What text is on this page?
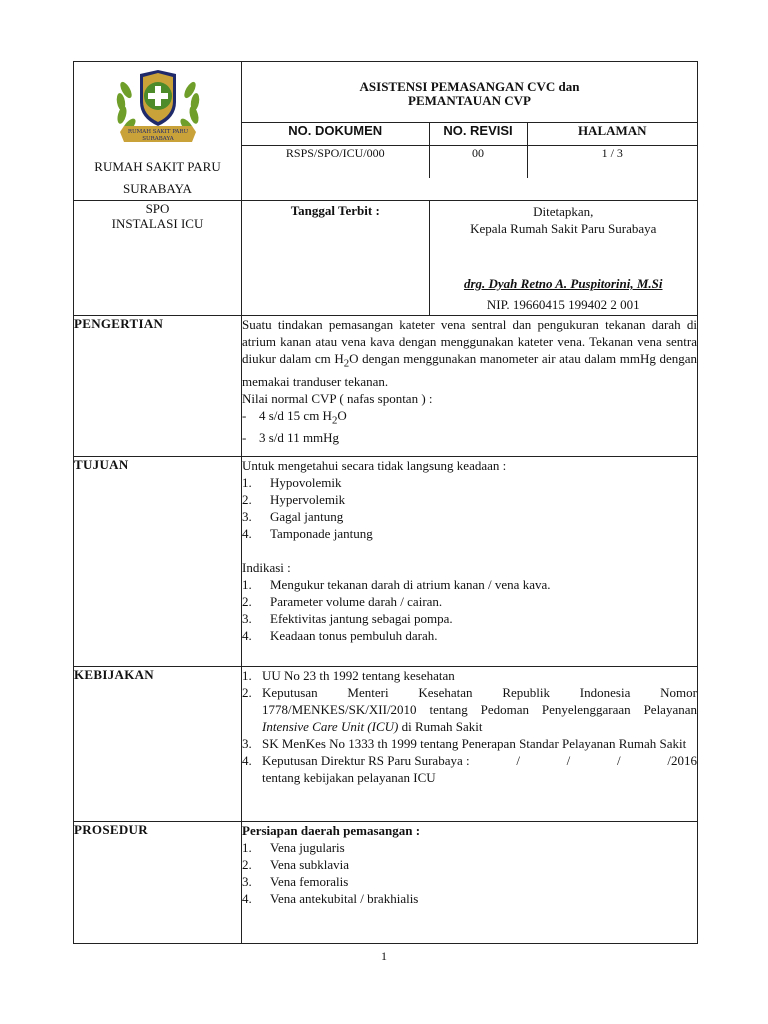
RUMAH SAKIT PARU
SURABAYA
RUMAH SAKIT PARU
SURABAYA

ASISTENSI PEMASANGAN CVC dan
PEMANTAUAN CVP
NO. DOKUMEN	NO. REVISI	HALAMAN
RSPS/SPO/ICU/000	00	1 / 3

SPO
INSTALASI ICU

Tanggal Terbit :	Ditetapkan,
Kepala Rumah Sakit Paru Surabaya
drg. Dyah Retno A. Puspitorini, M.Si
NIP. 19660415 199402 2 001

PENGERTIAN	Suatu tindakan pemasangan kateter vena sentral dan pengukuran tekanan darah di atrium kanan atau vena kava dengan menggunakan kateter vena. Tekanan vena sentra diukur dalam cm $H_2O$ dengan menggunakan manometer air atau dalam mmHg dengan memakai tranduser tekanan.
Nilai normal CVP ( nafas spontan ) :
- 4 s/d 15 cm $H_2O$
- 3 s/d 11 mmHg

TUJUAN	Untuk mengetahui secara tidak langsung keadaan :
1.	Hypovolemik
2.	Hypervolemik
3.	Gagal jantung
4.	Tamponade jantung
Indikasi :
1.	Mengukur tekanan darah di atrium kanan / vena kava.
2.	Parameter volume darah / cairan.
3.	Efektivitas jantung sebagai pompa.
4.	Keadaan tonus pembuluh darah.

KEBIJAKAN	1. UU No 23 th 1992 tentang kesehatan
2. Keputusan Menteri Kesehatan Republik Indonesia Nomor 1778/MENKES/SK/XII/2010 tentang Pedoman Penyelenggaraan Pelayanan Intensive Care Unit (ICU) di Rumah Sakit
3. SK MenKes No 1333 th 1999 tentang Penerapan Standar Pelayanan Rumah Sakit
4. Keputusan Direktur RS Paru Surabaya :	/	/	/	/2016
tentang kebijakan pelayanan ICU

PROSEDUR	Persiapan daerah pemasangan :
1.	Vena jugularis
2.	Vena subklavia
3.	Vena femoralis
4.	Vena antekubital / brakhialis
1
